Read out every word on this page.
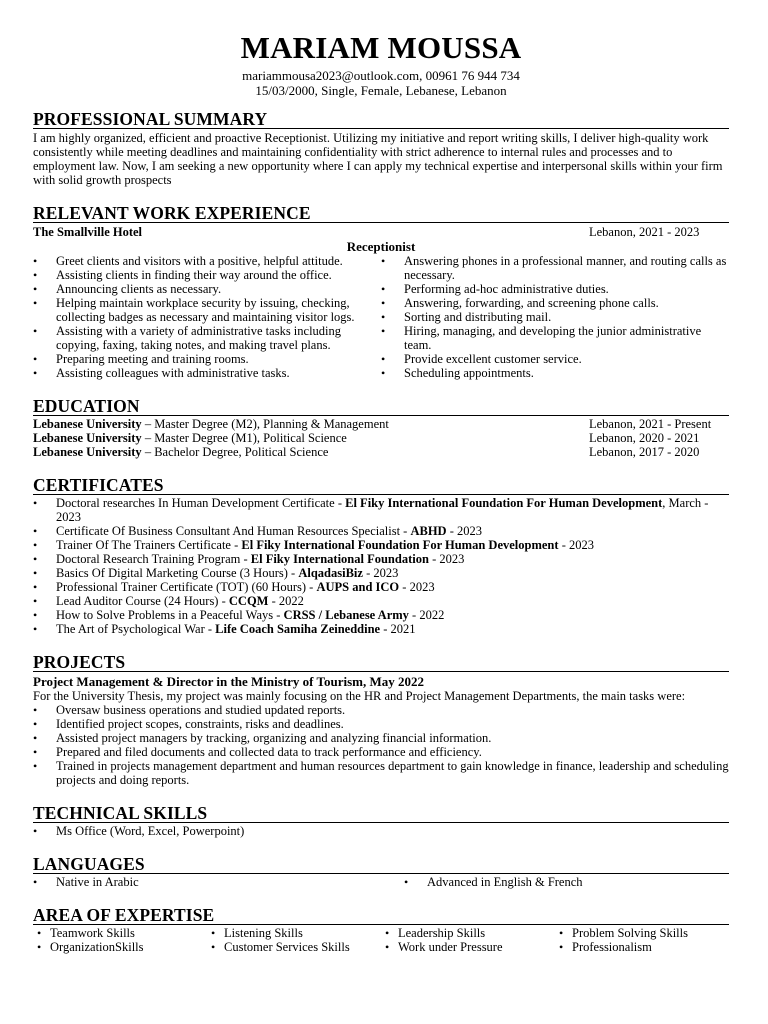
MARIAM MOUSSA
mariammousa2023@outlook.com, 00961 76 944 734
15/03/2000, Single, Female, Lebanese, Lebanon
PROFESSIONAL SUMMARY
I am highly organized, efficient and proactive Receptionist. Utilizing my initiative and report writing skills, I deliver high-quality work consistently while meeting deadlines and maintaining confidentiality with strict adherence to internal rules and processes and to employment law. Now, I am seeking a new opportunity where I can apply my technical expertise and interpersonal skills within your firm with solid growth prospects
RELEVANT WORK EXPERIENCE
The Smallville Hotel	Lebanon, 2021 - 2023
Receptionist
• Greet clients and visitors with a positive, helpful attitude.
• Assisting clients in finding their way around the office.
• Announcing clients as necessary.
• Helping maintain workplace security by issuing, checking, collecting badges as necessary and maintaining visitor logs.
• Assisting with a variety of administrative tasks including copying, faxing, taking notes, and making travel plans.
• Preparing meeting and training rooms.
• Assisting colleagues with administrative tasks.
• Answering phones in a professional manner, and routing calls as necessary.
• Performing ad-hoc administrative duties.
• Answering, forwarding, and screening phone calls.
• Sorting and distributing mail.
• Hiring, managing, and developing the junior administrative team.
• Provide excellent customer service.
• Scheduling appointments.
EDUCATION
Lebanese University – Master Degree (M2), Planning & Management	Lebanon, 2021 - Present
Lebanese University – Master Degree (M1), Political Science	Lebanon, 2020 - 2021
Lebanese University – Bachelor Degree, Political Science	Lebanon, 2017 - 2020
CERTIFICATES
• Doctoral researches In Human Development Certificate - El Fiky International Foundation For Human Development, March - 2023
• Certificate Of Business Consultant And Human Resources Specialist - ABHD - 2023
• Trainer Of The Trainers Certificate - El Fiky International Foundation For Human Development - 2023
• Doctoral Research Training Program - El Fiky International Foundation - 2023
• Basics Of Digital Marketing Course (3 Hours) - AlqadasiBiz - 2023
• Professional Trainer Certificate (TOT) (60 Hours) - AUPS and ICO - 2023
• Lead Auditor Course (24 Hours) - CCQM - 2022
• How to Solve Problems in a Peaceful Ways - CRSS / Lebanese Army - 2022
• The Art of Psychological War - Life Coach Samiha Zeineddine - 2021
PROJECTS
Project Management & Director in the Ministry of Tourism, May 2022
For the University Thesis, my project was mainly focusing on the HR and Project Management Departments, the main tasks were:
• Oversaw business operations and studied updated reports.
• Identified project scopes, constraints, risks and deadlines.
• Assisted project managers by tracking, organizing and analyzing financial information.
• Prepared and filed documents and collected data to track performance and efficiency.
• Trained in projects management department and human resources department to gain knowledge in finance, leadership and scheduling projects and doing reports.
TECHNICAL SKILLS
• Ms Office (Word, Excel, Powerpoint)
LANGUAGES
• Native in Arabic
•	Advanced in English & French
AREA OF EXPERTISE
• Teamwork Skills
• OrganizationSkills
• Listening Skills
• Customer Services Skills
• Leadership Skills
• Work under Pressure
• Problem Solving Skills
• Professionalism
